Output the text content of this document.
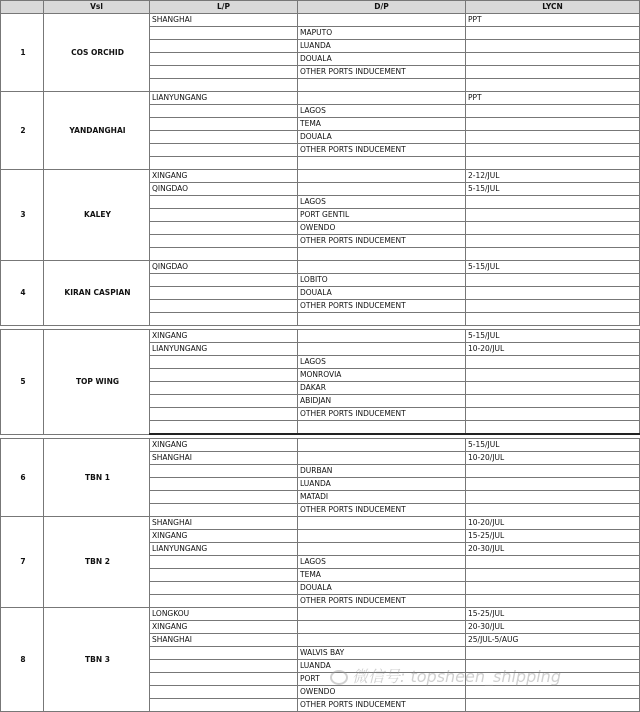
	Vsl	L/P	D/P	LYCN
1	COS ORCHID	SHANGHAI		PPT
			MAPUTO	
			LUANDA	
			DOUALA	
			OTHER PORTS INDUCEMENT	

2	YANDANGHAI	LIANYUNGANG		PPT
			LAGOS	
			TEMA	
			DOUALA	
			OTHER PORTS INDUCEMENT	

3	KALEY	XINGANG		2-12/JUL
		QINGDAO		5-15/JUL
			LAGOS	
			PORT GENTIL	
			OWENDO	
			OTHER PORTS INDUCEMENT	

4	KIRAN CASPIAN	QINGDAO		5-15/JUL
			LOBITO	
			DOUALA	
			OTHER PORTS INDUCEMENT	

5	TOP WING	XINGANG		5-15/JUL
		LIANYUNGANG		10-20/JUL
			LAGOS	
			MONROVIA	
			DAKAR	
			ABIDJAN	
			OTHER PORTS INDUCEMENT	

6	TBN 1	XINGANG		5-15/JUL
		SHANGHAI		10-20/JUL
			DURBAN	
			LUANDA	
			MATADI	
			OTHER PORTS INDUCEMENT	
7	TBN 2	SHANGHAI		10-20/JUL
		XINGANG		15-25/JUL
		LIANYUNGANG		20-30/JUL
			LAGOS	
			TEMA	
			DOUALA	
			OTHER PORTS INDUCEMENT	
8	TBN 3	LONGKOU		15-25/JUL
		XINGANG		20-30/JUL
		SHANGHAI		25/JUL-5/AUG
			WALVIS BAY	
			LUANDA	
			PORT	
			OWENDO	
			OTHER PORTS INDUCEMENT	
微信号: topsheen_shipping
